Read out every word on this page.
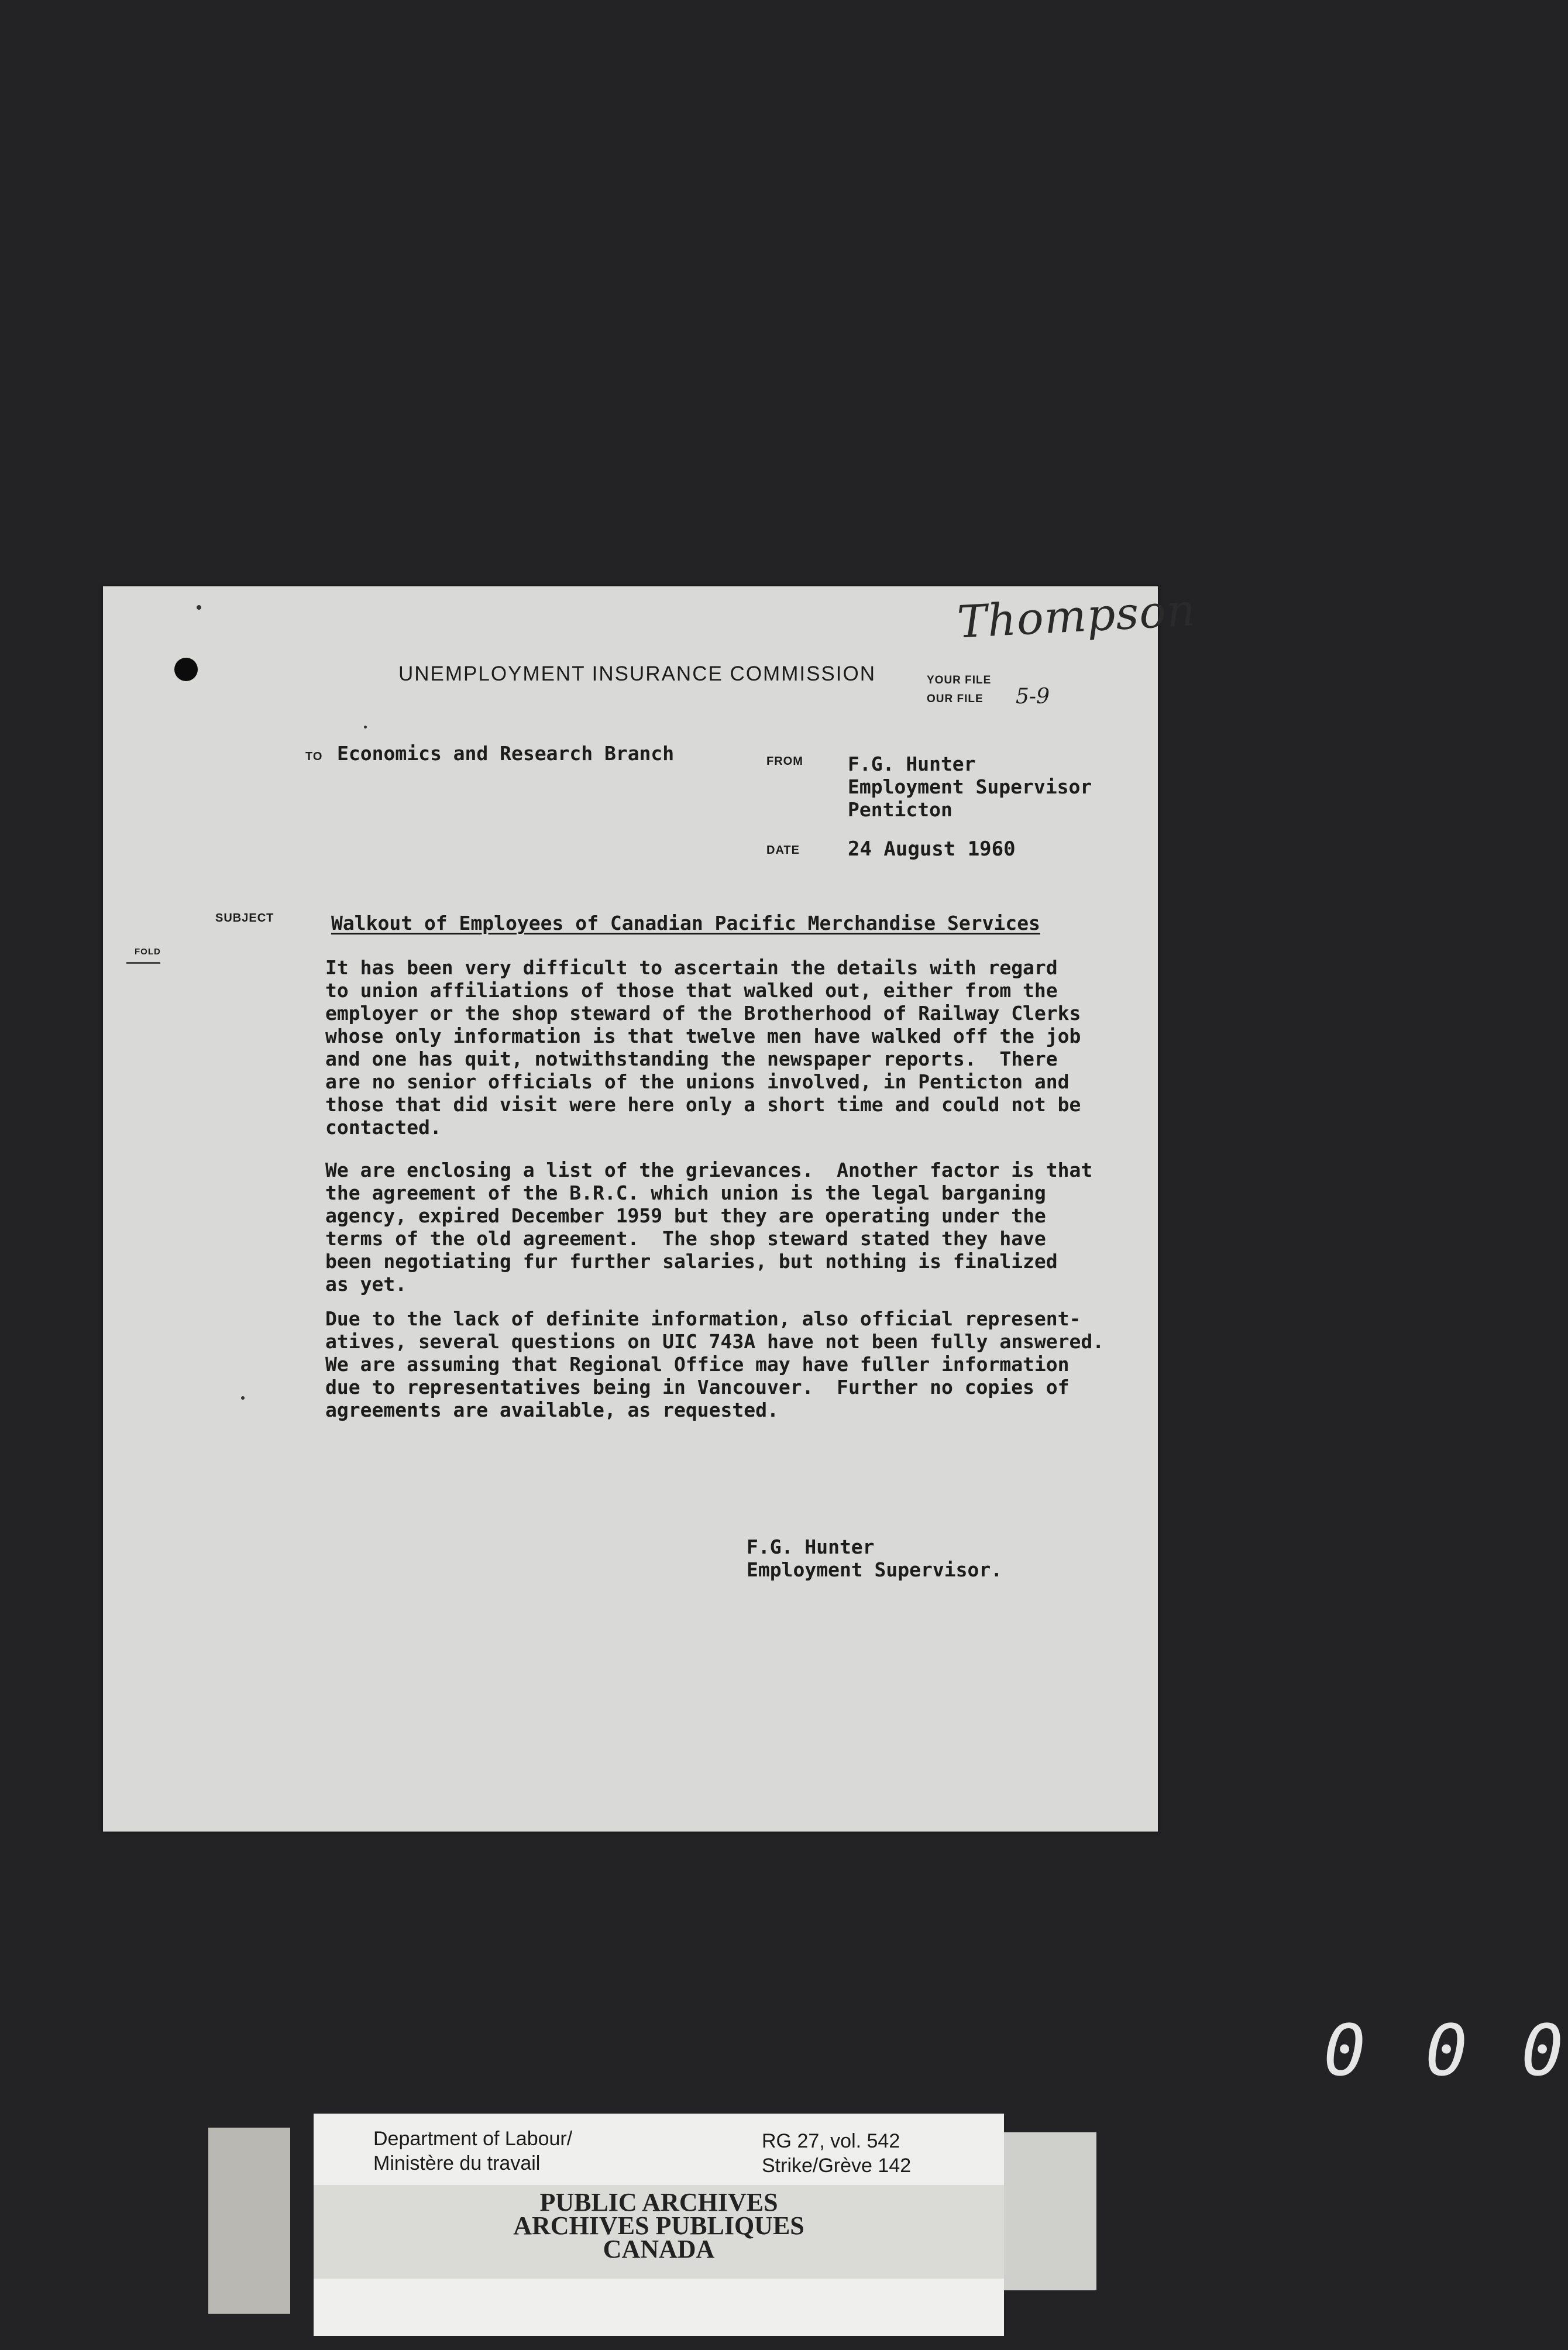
Thompson
UNEMPLOYMENT INSURANCE COMMISSION	YOUR FILE
OUR FILE 5-9
TO Economics and Research Branch	FROM F.G. Hunter
Employment Supervisor
Penticton
DATE 24 August 1960
SUBJECT	Walkout of Employees of Canadian Pacific Merchandise Services
FOLD
It has been very difficult to ascertain the details with regard
to union affiliations of those that walked out, either from the
employer or the shop steward of the Brotherhood of Railway Clerks
whose only information is that twelve men have walked off the job
and one has quit, notwithstanding the newspaper reports.  There
are no senior officials of the unions involved, in Penticton and
those that did visit were here only a short time and could not be
contacted.
We are enclosing a list of the grievances.  Another factor is that
the agreement of the B.R.C. which union is the legal barganing
agency, expired December 1959 but they are operating under the
terms of the old agreement.  The shop steward stated they have
been negotiating fur further salaries, but nothing is finalized
as yet.
Due to the lack of definite information, also official represent-
atives, several questions on UIC 743A have not been fully answered.
We are assuming that Regional Office may have fuller information
due to representatives being in Vancouver.  Further no copies of
agreements are available, as requested.
F.G. Hunter
Employment Supervisor.
Department of Labour/
Ministère du travail
RG 27, vol. 542
Strike/Grève 142
PUBLIC ARCHIVES
ARCHIVES PUBLIQUES
CANADA
0 0 0
